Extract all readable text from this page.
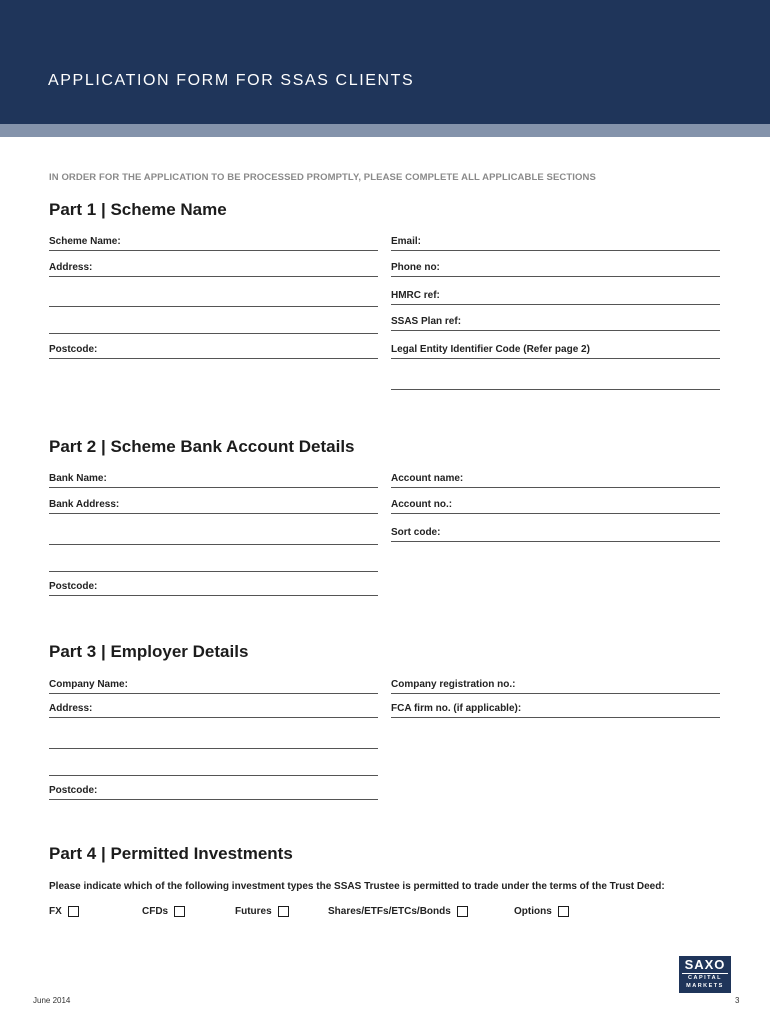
APPLICATION FORM FOR SSAS CLIENTS
IN ORDER FOR THE APPLICATION TO BE PROCESSED PROMPTLY, PLEASE COMPLETE ALL APPLICABLE SECTIONS
Part 1 | Scheme Name
Scheme Name:
Address:
Postcode:
Email:
Phone no:
HMRC ref:
SSAS Plan ref:
Legal Entity Identifier Code (Refer page 2)
Part 2 | Scheme Bank Account Details
Bank Name:
Bank Address:
Postcode:
Account name:
Account no.:
Sort code:
Part 3 | Employer Details
Company Name:
Address:
Postcode:
Company registration no.:
FCA firm no. (if applicable):
Part 4 | Permitted Investments
Please indicate which of the following investment types the SSAS Trustee is permitted to trade under the terms of the Trust Deed:
FX	CFDs	Futures	Shares/ETFs/ETCs/Bonds	Options
SAXO
CAPITAL
MARKETS
June 2014	3
